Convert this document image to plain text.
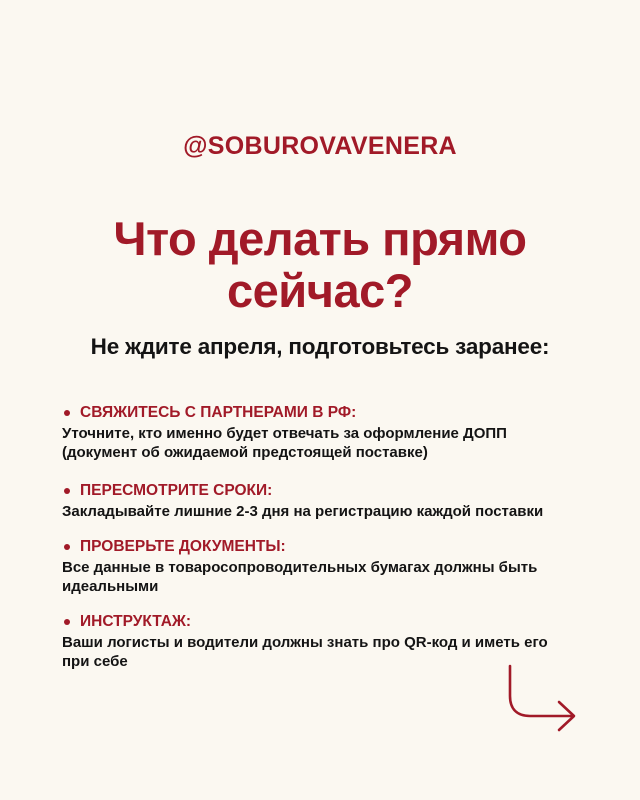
@SOBUROVAVENERA
Что делать прямо
сейчас?
Не ждите апреля, подготовьтесь заранее:
СВЯЖИТЕСЬ С ПАРТНЕРАМИ В РФ:
Уточните, кто именно будет отвечать за оформление ДОПП
(документ об ожидаемой предстоящей поставке)
ПЕРЕСМОТРИТЕ СРОКИ:
Закладывайте лишние 2-3 дня на регистрацию каждой поставки
ПРОВЕРЬТЕ ДОКУМЕНТЫ:
Все данные в товаросопроводительных бумагах должны быть
идеальными
ИНСТРУКТАЖ:
Ваши логисты и водители должны знать про QR-код и иметь его
при себе
